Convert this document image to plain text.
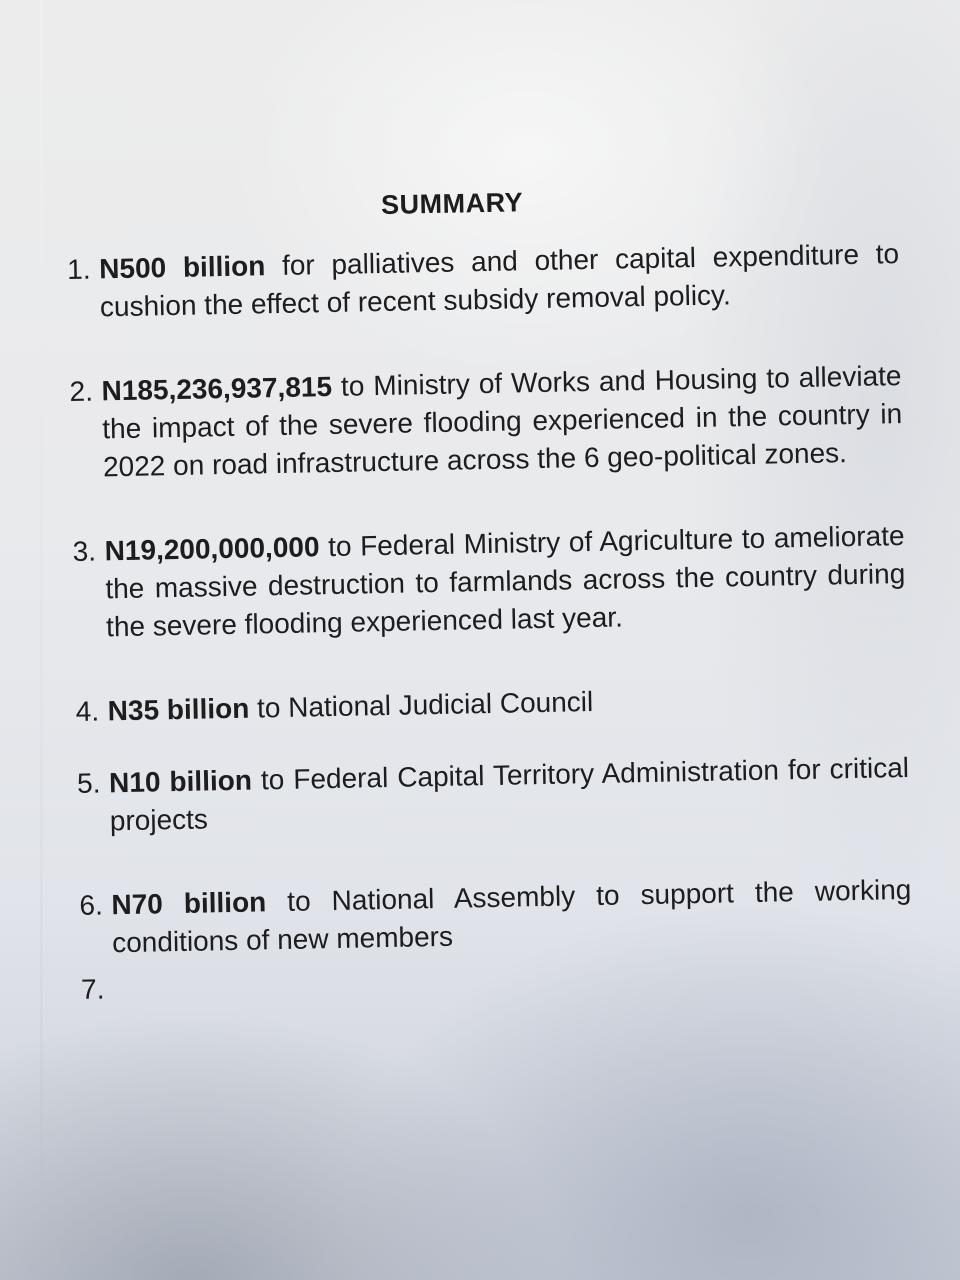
SUMMARY
1. N500 billion for palliatives and other capital expenditure to cushion the effect of recent subsidy removal policy.
2. N185,236,937,815 to Ministry of Works and Housing to alleviate the impact of the severe flooding experienced in the country in 2022 on road infrastructure across the 6 geo-political zones.
3. N19,200,000,000 to Federal Ministry of Agriculture to ameliorate the massive destruction to farmlands across the country during the severe flooding experienced last year.
4. N35 billion to National Judicial Council
5. N10 billion to Federal Capital Territory Administration for critical projects
6. N70 billion to National Assembly to support the working conditions of new members
7.
